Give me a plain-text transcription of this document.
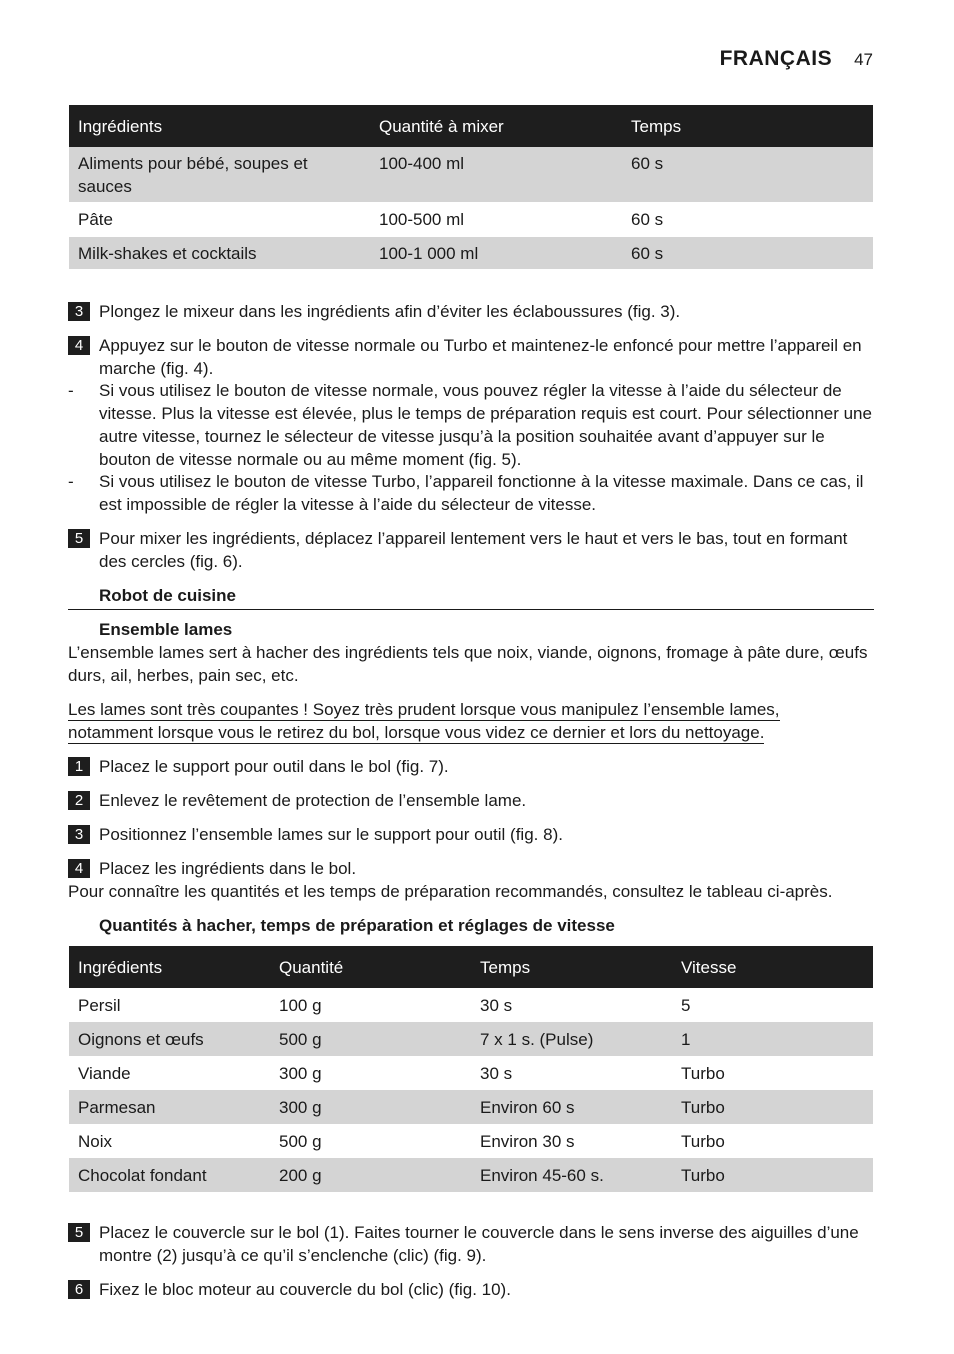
FRANÇAIS 47
Ingrédients	Quantité à mixer	Temps
Aliments pour bébé, soupes et sauces	100-400 ml	60 s
Pâte	100-500 ml	60 s
Milk-shakes et cocktails	100-1 000 ml	60 s
3 Plongez le mixeur dans les ingrédients afin d’éviter les éclaboussures (fig. 3).
4 Appuyez sur le bouton de vitesse normale ou Turbo et maintenez-le enfoncé pour mettre l’appareil en marche (fig. 4).
- Si vous utilisez le bouton de vitesse normale, vous pouvez régler la vitesse à l’aide du sélecteur de vitesse. Plus la vitesse est élevée, plus le temps de préparation requis est court. Pour sélectionner une autre vitesse, tournez le sélecteur de vitesse jusqu’à la position souhaitée avant d’appuyer sur le bouton de vitesse normale ou au même moment (fig. 5).
- Si vous utilisez le bouton de vitesse Turbo, l’appareil fonctionne à la vitesse maximale. Dans ce cas, il est impossible de régler la vitesse à l’aide du sélecteur de vitesse.
5 Pour mixer les ingrédients, déplacez l’appareil lentement vers le haut et vers le bas, tout en formant des cercles (fig. 6).
Robot de cuisine
Ensemble lames
L’ensemble lames sert à hacher des ingrédients tels que noix, viande, oignons, fromage à pâte dure, œufs durs, ail, herbes, pain sec, etc.
Les lames sont très coupantes ! Soyez très prudent lorsque vous manipulez l’ensemble lames,
notamment lorsque vous le retirez du bol, lorsque vous videz ce dernier et lors du nettoyage.
1 Placez le support pour outil dans le bol (fig. 7).
2 Enlevez le revêtement de protection de l’ensemble lame.
3 Positionnez l’ensemble lames sur le support pour outil (fig. 8).
4 Placez les ingrédients dans le bol.
Pour connaître les quantités et les temps de préparation recommandés, consultez le tableau ci-après.
Quantités à hacher, temps de préparation et réglages de vitesse
Ingrédients	Quantité	Temps	Vitesse
Persil	100 g	30 s	5
Oignons et œufs	500 g	7 x 1 s. (Pulse)	1
Viande	300 g	30 s	Turbo
Parmesan	300 g	Environ 60 s	Turbo
Noix	500 g	Environ 30 s	Turbo
Chocolat fondant	200 g	Environ 45-60 s.	Turbo
5 Placez le couvercle sur le bol (1). Faites tourner le couvercle dans le sens inverse des aiguilles d’une montre (2) jusqu’à ce qu’il s’enclenche (clic) (fig. 9).
6 Fixez le bloc moteur au couvercle du bol (clic) (fig. 10).
